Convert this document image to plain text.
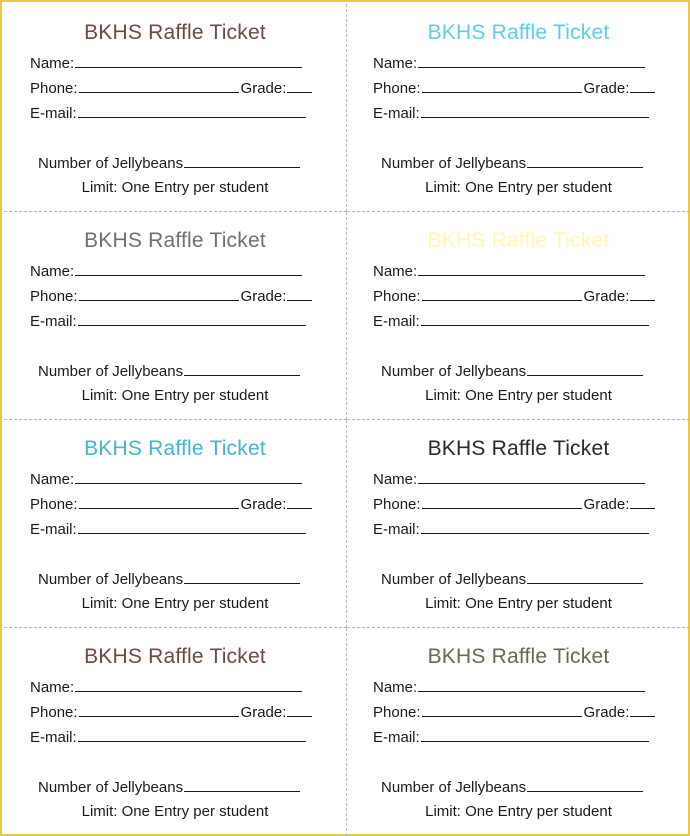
BKHS Raffle Ticket
Name:
Phone:	Grade:
E-mail:
Number of Jellybeans
Limit: One Entry per student
BKHS Raffle Ticket
Name:
Phone:	Grade:
E-mail:
Number of Jellybeans
Limit: One Entry per student
BKHS Raffle Ticket
Name:
Phone:	Grade:
E-mail:
Number of Jellybeans
Limit: One Entry per student
BKHS Raffle Ticket
Name:
Phone:	Grade:
E-mail:
Number of Jellybeans
Limit: One Entry per student
BKHS Raffle Ticket
Name:
Phone:	Grade:
E-mail:
Number of Jellybeans
Limit: One Entry per student
BKHS Raffle Ticket
Name:
Phone:	Grade:
E-mail:
Number of Jellybeans
Limit: One Entry per student
BKHS Raffle Ticket
Name:
Phone:	Grade:
E-mail:
Number of Jellybeans
Limit: One Entry per student
BKHS Raffle Ticket
Name:
Phone:	Grade:
E-mail:
Number of Jellybeans
Limit: One Entry per student
